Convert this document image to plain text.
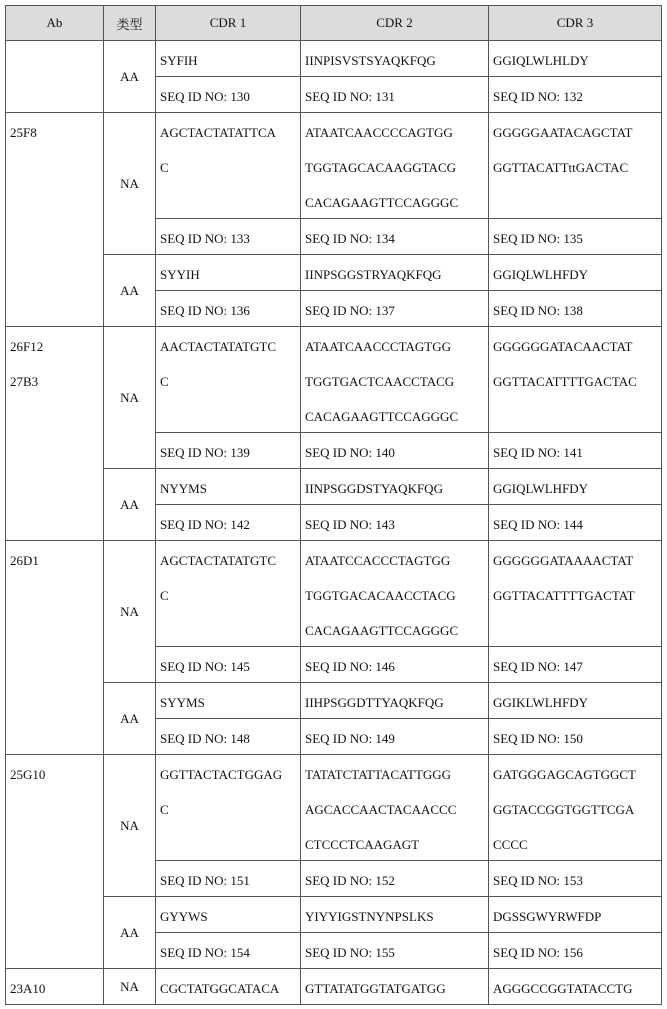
Ab	类型	CDR 1	CDR 2	CDR 3
	AA	
SYFIH	IINPISVSTSYAQKFQG	GGIQLWLHLDY

SEQ ID NO: 130	SEQ ID NO: 131	SEQ ID NO: 132

25F8
	NA	
AGCTACTATATTCA
C

ATAATCAACCCCAGTGG
TGGTAGCACAAGGTACG
CACAGAAGTTCCAGGGC

GGGGGAATACAGCTAT
GGTTACATTttGACTAC

SEQ ID NO: 133	SEQ ID NO: 134	SEQ ID NO: 135

AA	
SYYIH	IINPSGGSTRYAQKFQG	GGIQLWLHFDY

SEQ ID NO: 136	SEQ ID NO: 137	SEQ ID NO: 138

26F12
27B3
	NA	
AACTACTATATGTC
C

ATAATCAACCCTAGTGG
TGGTGACTCAACCTACG
CACAGAAGTTCCAGGGC

GGGGGGATACAACTAT
GGTTACATTTTGACTAC

SEQ ID NO: 139	SEQ ID NO: 140	SEQ ID NO: 141

AA	
NYYMS	IINPSGGDSTYAQKFQG	GGIQLWLHFDY

SEQ ID NO: 142	SEQ ID NO: 143	SEQ ID NO: 144

26D1
	NA	
AGCTACTATATGTC
C

ATAATCCACCCTAGTGG
TGGTGACACAACCTACG
CACAGAAGTTCCAGGGC

GGGGGGATAAAACTAT
GGTTACATTTTGACTAT

SEQ ID NO: 145	SEQ ID NO: 146	SEQ ID NO: 147

AA	
SYYMS	IIHPSGGDTTYAQKFQG	GGIKLWLHFDY

SEQ ID NO: 148	SEQ ID NO: 149	SEQ ID NO: 150

25G10
	NA	
GGTTACTACTGGAG
C

TATATCTATTACATTGGG
AGCACCAACTACAACCC
CTCCCTCAAGAGT

GATGGGAGCAGTGGCT
GGTACCGGTGGTTCGA
CCCC

SEQ ID NO: 151	SEQ ID NO: 152	SEQ ID NO: 153

AA	
GYYWS	YIYYIGSTNYNPSLKS	DGSSGWYRWFDP

SEQ ID NO: 154	SEQ ID NO: 155	SEQ ID NO: 156

23A10	NA	CGCTATGGCATACA	GTTATATGGTATGATGG	AGGGCCGGTATACCTG
